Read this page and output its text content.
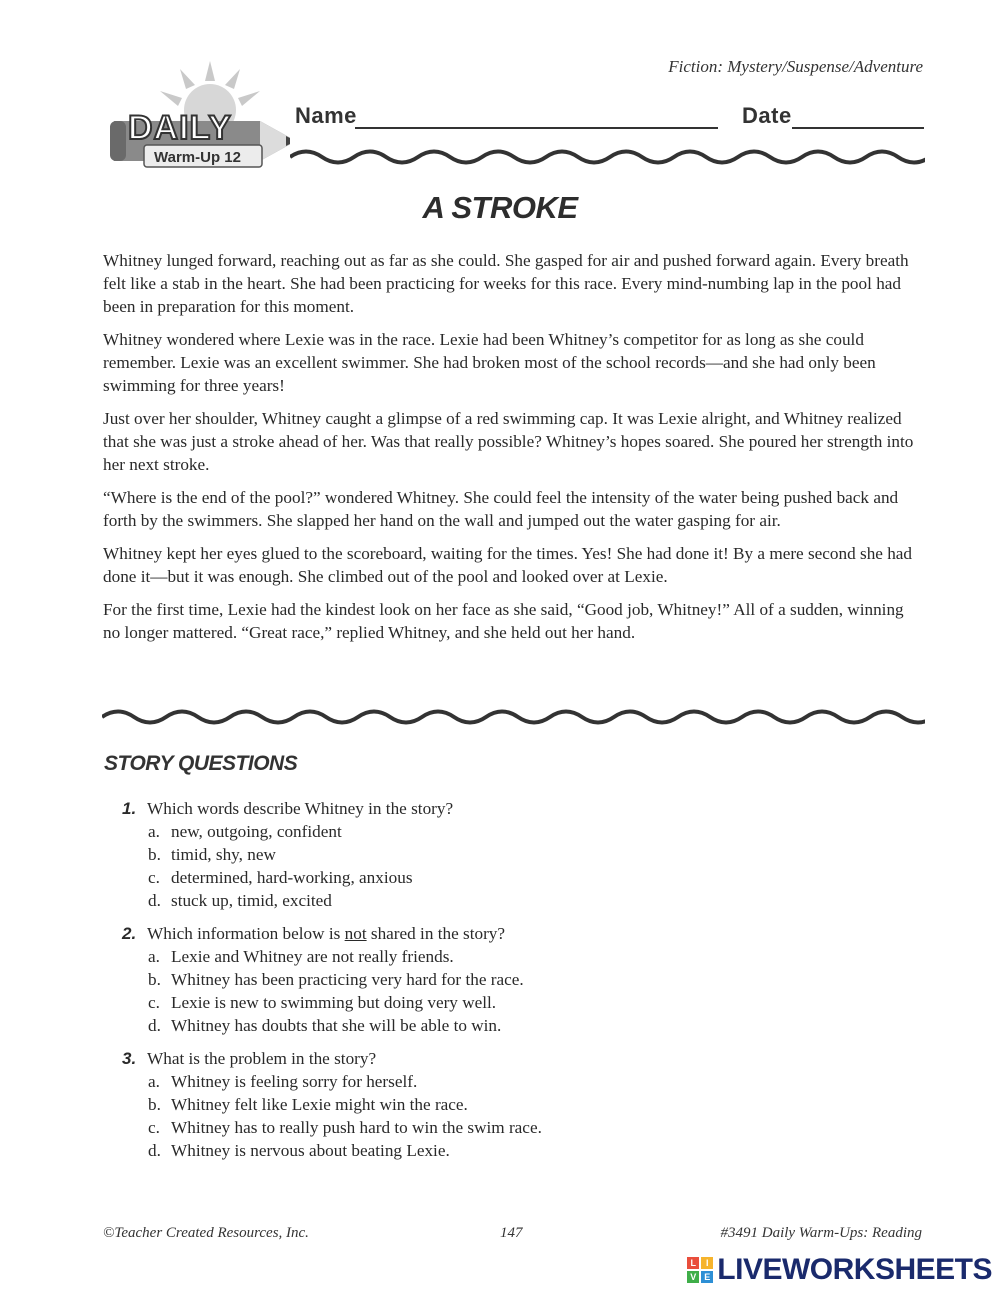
Fiction: Mystery/Suspense/Adventure
DAILY
Warm-Up 12
Name	Date
A STROKE

Whitney lunged forward, reaching out as far as she could. She gasped for air and pushed forward again. Every breath felt like a stab in the heart. She had been practicing for weeks for this race. Every mind-numbing lap in the pool had been in preparation for this moment.

Whitney wondered where Lexie was in the race. Lexie had been Whitney’s competitor for as long as she could remember. Lexie was an excellent swimmer. She had broken most of the school records—and she had only been swimming for three years!

Just over her shoulder, Whitney caught a glimpse of a red swimming cap. It was Lexie alright, and Whitney realized that she was just a stroke ahead of her. Was that really possible? Whitney’s hopes soared. She poured her strength into her next stroke.

“Where is the end of the pool?” wondered Whitney. She could feel the intensity of the water being pushed back and forth by the swimmers. She slapped her hand on the wall and jumped out the water gasping for air.

Whitney kept her eyes glued to the scoreboard, waiting for the times. Yes! She had done it! By a mere second she had done it—but it was enough. She climbed out of the pool and looked over at Lexie.

For the first time, Lexie had the kindest look on her face as she said, “Good job, Whitney!” All of a sudden, winning no longer mattered. “Great race,” replied Whitney, and she held out her hand.

STORY QUESTIONS
1. Which words describe Whitney in the story?
a. new, outgoing, confident
b. timid, shy, new
c. determined, hard-working, anxious
d. stuck up, timid, excited
2. Which information below is not shared in the story?
a. Lexie and Whitney are not really friends.
b. Whitney has been practicing very hard for the race.
c. Lexie is new to swimming but doing very well.
d. Whitney has doubts that she will be able to win.
3. What is the problem in the story?
a. Whitney is feeling sorry for herself.
b. Whitney felt like Lexie might win the race.
c. Whitney has to really push hard to win the swim race.
d. Whitney is nervous about beating Lexie.
©Teacher Created Resources, Inc.	147	#3491 Daily Warm-Ups: Reading
L	I
V E LIVEWORKSHEETS
